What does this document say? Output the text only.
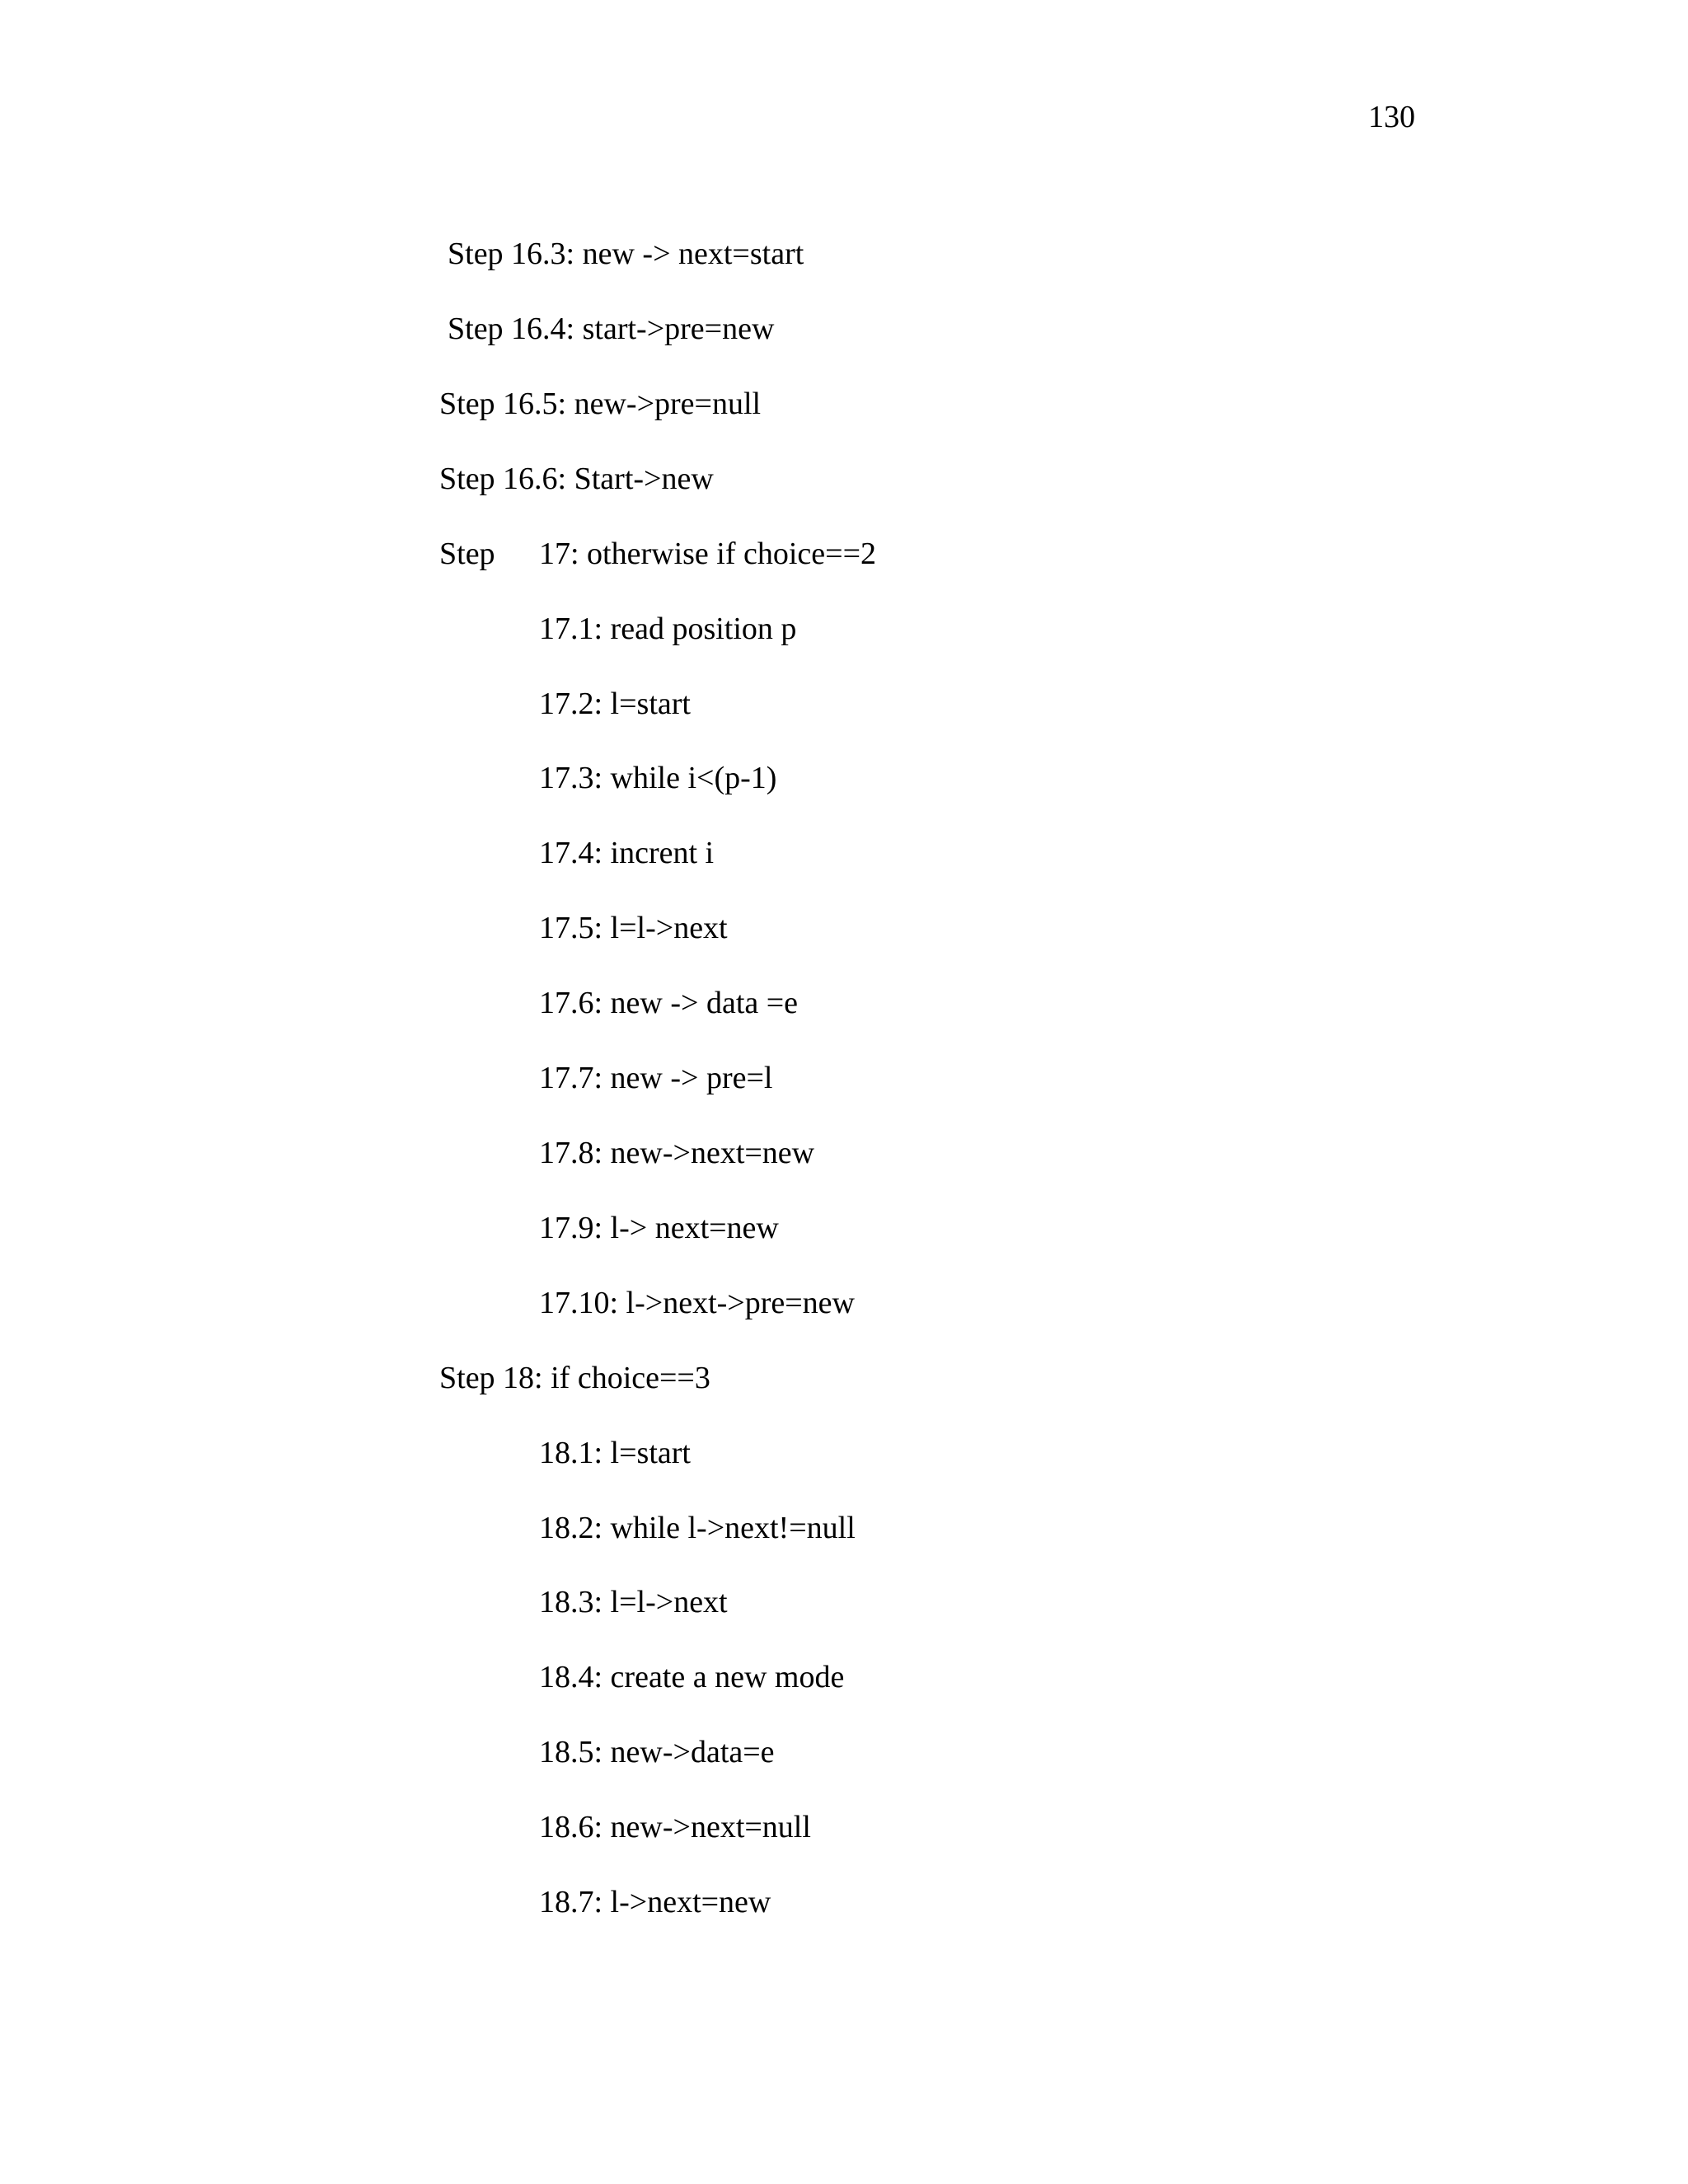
130
Step 16.3: new -> next=start
Step 16.4: start->pre=new
Step 16.5: new->pre=null
Step 16.6: Start->new
Step 17: otherwise if choice==2
17.1: read position p
17.2: l=start
17.3: while i<(p-1)
17.4: incrent i
17.5: l=l->next
17.6: new -> data =e
17.7: new -> pre=l
17.8: new->next=new
17.9: l-> next=new
17.10: l->next->pre=new
Step 18: if choice==3
18.1: l=start
18.2: while l->next!=null
18.3: l=l->next
18.4: create a new mode
18.5: new->data=e
18.6: new->next=null
18.7: l->next=new
